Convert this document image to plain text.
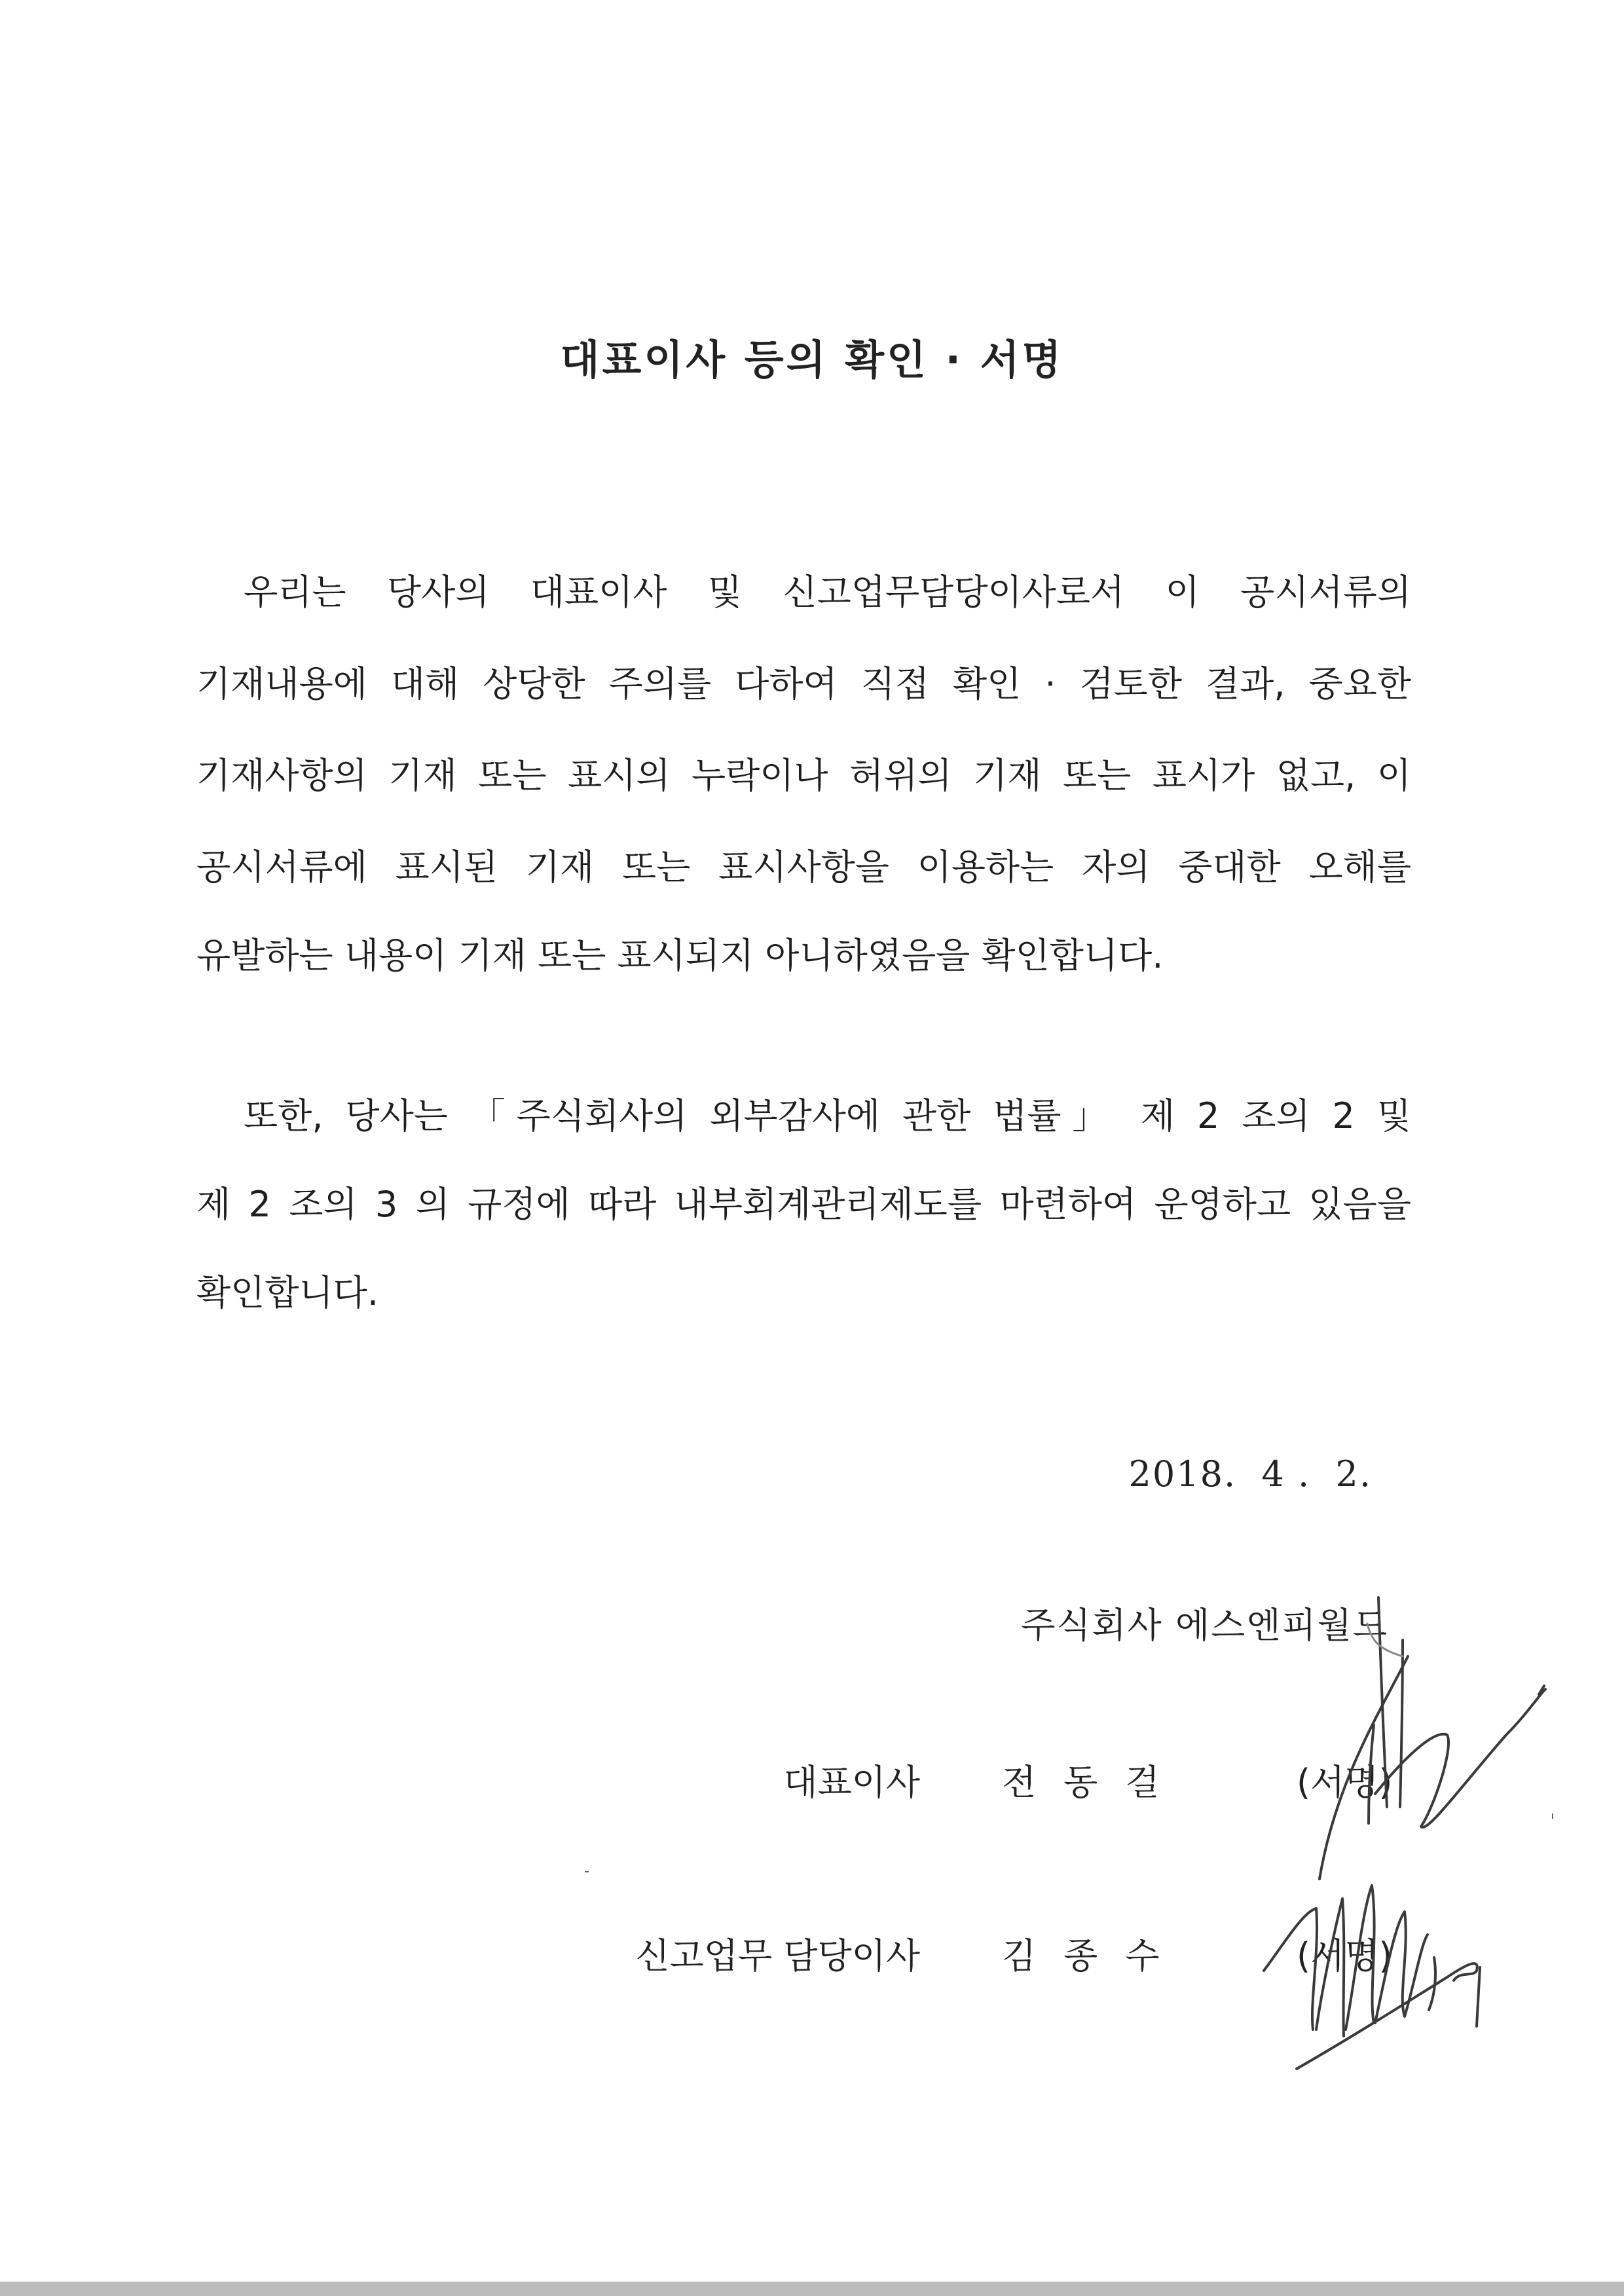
대표이사 등의 확인 · 서명
우리는 당사의 대표이사 및 신고업무담당이사로서 이 공시서류의
기재내용에 대해 상당한 주의를 다하여 직접 확인 · 검토한 결과, 중요한
기재사항의 기재 또는 표시의 누락이나 허위의 기재 또는 표시가 없고, 이
공시서류에 표시된 기재 또는 표시사항을 이용하는 자의 중대한 오해를
유발하는 내용이 기재 또는 표시되지 아니하였음을 확인합니다.
또한, 당사는 「주식회사의 외부감사에 관한 법률」 제 2 조의 2 및
제 2 조의 3 의 규정에 따라 내부회계관리제도를 마련하여 운영하고 있음을
확인합니다.
2018.  4 .  2.
주식회사 에스엔피월드
대표이사 전동걸	(서명)
신고업무 담당이사 김종수	(서명)
